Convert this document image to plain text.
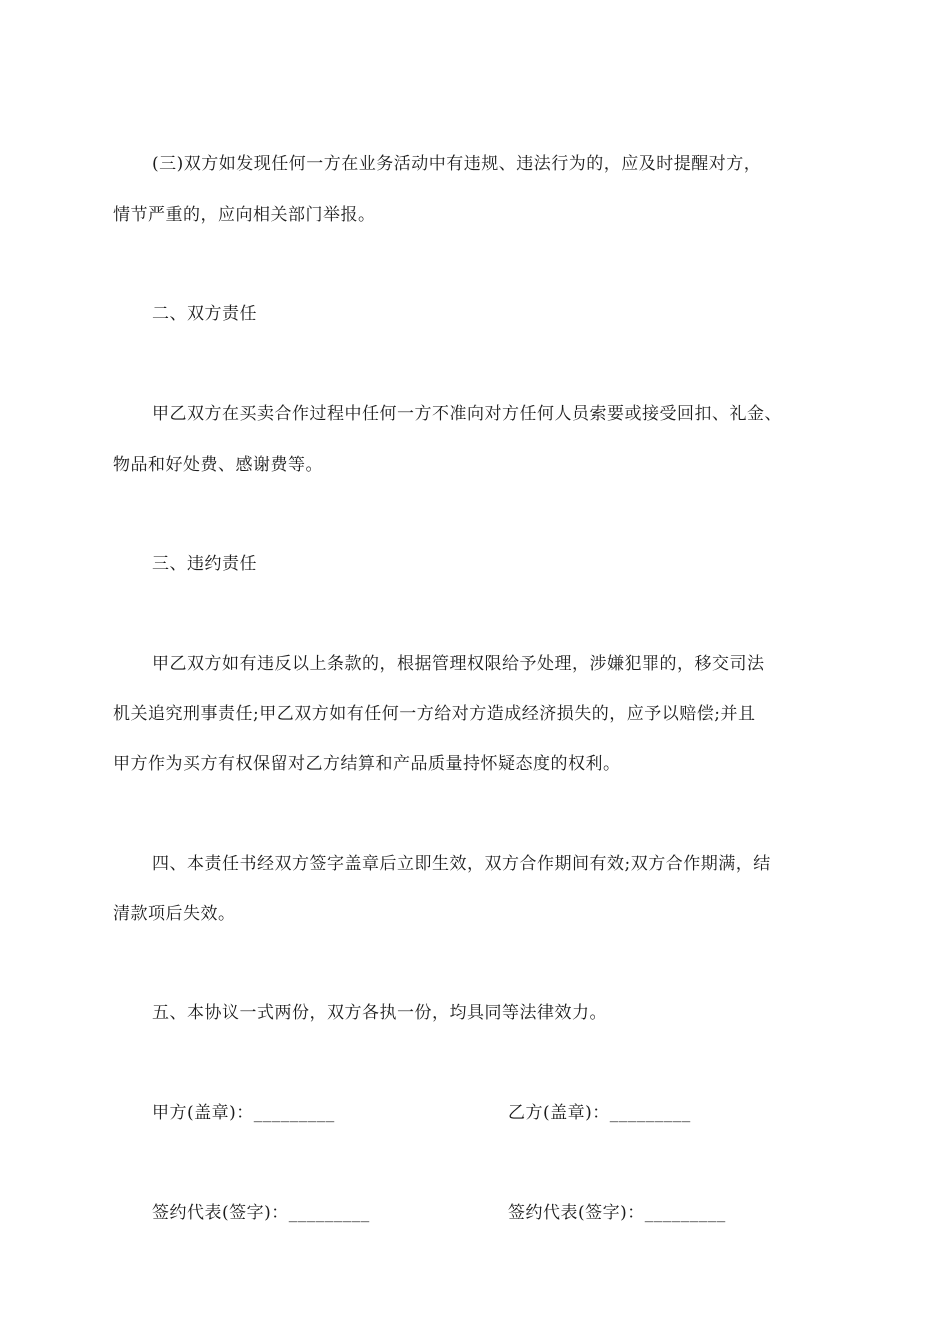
(三)双方如发现任何一方在业务活动中有违规、违法行为的，应及时提醒对方，
情节严重的，应向相关部门举报。
二、双方责任
甲乙双方在买卖合作过程中任何一方不准向对方任何人员索要或接受回扣、礼金、
物品和好处费、感谢费等。
三、违约责任
甲乙双方如有违反以上条款的，根据管理权限给予处理，涉嫌犯罪的，移交司法
机关追究刑事责任;甲乙双方如有任何一方给对方造成经济损失的，应予以赔偿;并且
甲方作为买方有权保留对乙方结算和产品质量持怀疑态度的权利。
四、本责任书经双方签字盖章后立即生效，双方合作期间有效;双方合作期满，结
清款项后失效。
五、本协议一式两份，双方各执一份，均具同等法律效力。
甲方(盖章)：_________	乙方(盖章)：_________
签约代表(签字)：_________	签约代表(签字)：_________
